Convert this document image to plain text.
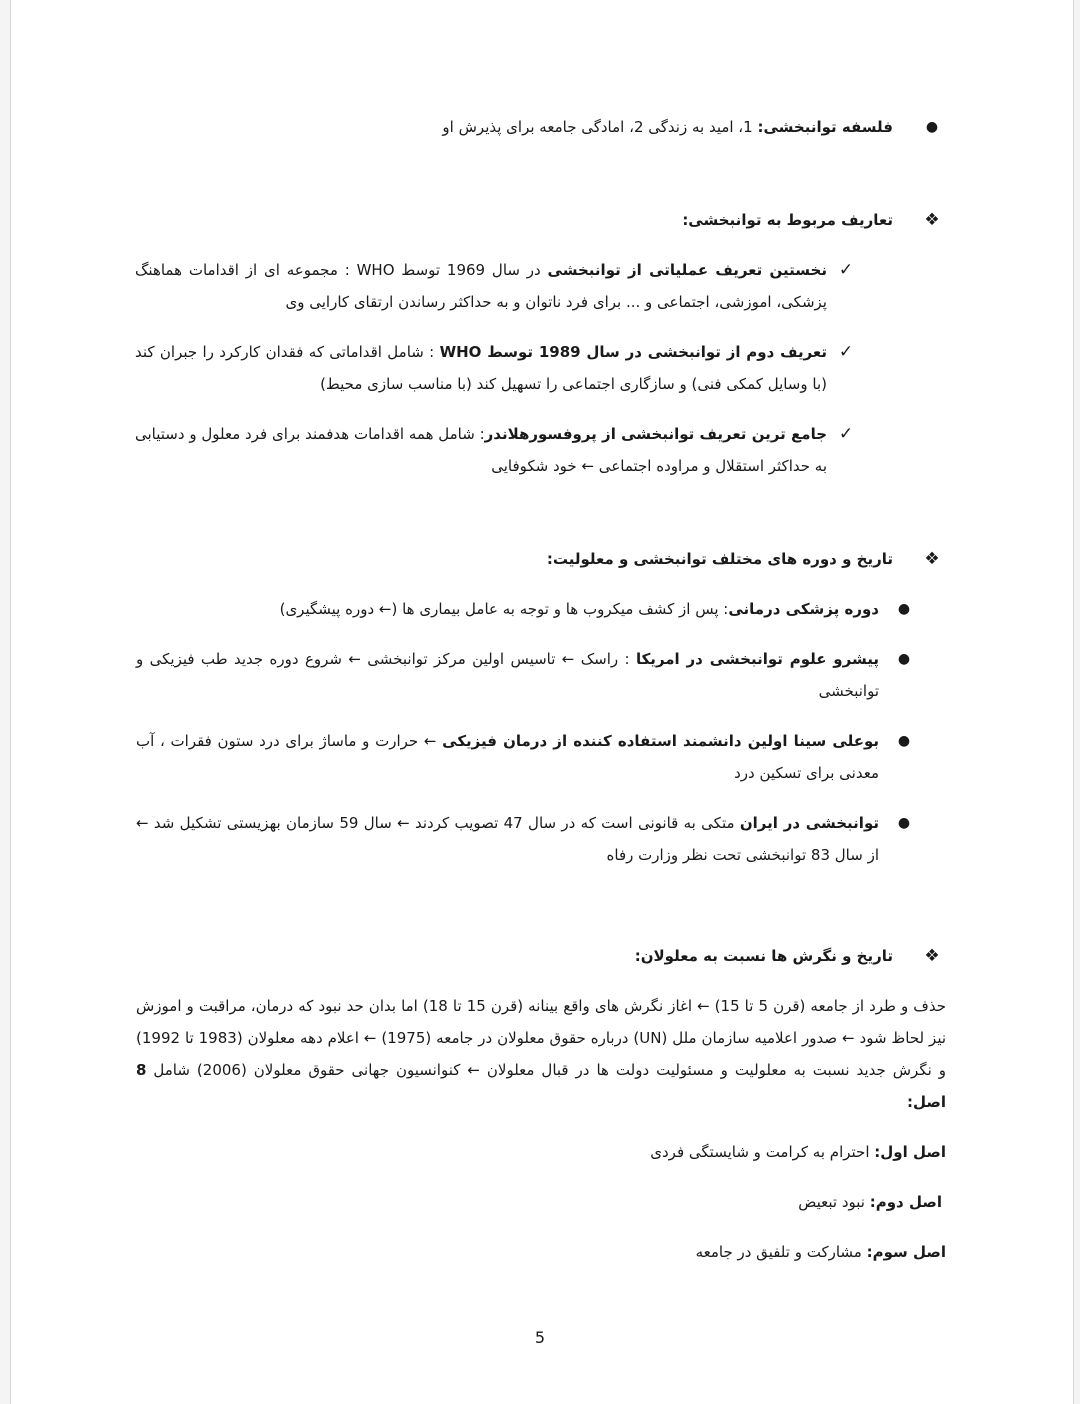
●
فلسفه توانبخشی: 1، امید به زندگی 2، امادگی جامعه برای پذیرش او
❖
تعاریف مربوط به توانبخشی:
✓
نخستین تعریف عملیاتی از توانبخشی در سال 1969 توسط WHO : مجموعه ای از اقدامات هماهنگ پزشکی، اموزشی، اجتماعی و ... برای فرد ناتوان و به حداکثر رساندن ارتقای کارایی وی
✓
تعریف دوم از توانبخشی در سال 1989 توسط WHO : شامل اقداماتی که فقدان کارکرد را جبران کند (با وسایل کمکی فنی) و سازگاری اجتماعی را تسهیل کند (با مناسب سازی محیط)
✓
جامع ترین تعریف توانبخشی از پروفسورهلاندر: شامل همه اقدامات هدفمند برای فرد معلول و دستیابی به حداکثر استقلال و مراوده اجتماعی ← خود شکوفایی
❖
تاریخ و دوره های مختلف توانبخشی و معلولیت:
●
دوره پزشکی درمانی: پس از کشف میکروب ها و توجه به عامل بیماری ها (← دوره پیشگیری)
●
پیشرو علوم توانبخشی در امریکا : راسک ← تاسیس اولین مرکز توانبخشی ← شروع دوره جدید طب فیزیکی و توانبخشی
●
بوعلی سینا اولین دانشمند استفاده کننده از درمان فیزیکی ← حرارت و ماساژ برای درد ستون فقرات ، آب معدنی برای تسکین درد
●
توانبخشی در ایران متکی به قانونی است که در سال 47 تصویب کردند ← سال 59 سازمان بهزیستی تشکیل شد ← از سال 83 توانبخشی تحت نظر وزارت رفاه
❖
تاریخ و نگرش ها نسبت به معلولان:
حذف و طرد از جامعه (قرن 5 تا 15) ← اغاز نگرش های واقع بینانه (قرن 15 تا 18) اما بدان حد نبود که درمان، مراقبت و اموزش نیز لحاظ شود ← صدور اعلامیه سازمان ملل (UN) درباره حقوق معلولان در جامعه (1975) ← اعلام دهه معلولان (1983 تا 1992) و نگرش جدید نسبت به معلولیت و مسئولیت دولت ها در قبال معلولان ← کنوانسیون جهانی حقوق معلولان (2006) شامل 8 اصل:
اصل اول: احترام به کرامت و شایستگی فردی
اصل دوم: نبود تبعیض
اصل سوم: مشارکت و تلفیق در جامعه
5
